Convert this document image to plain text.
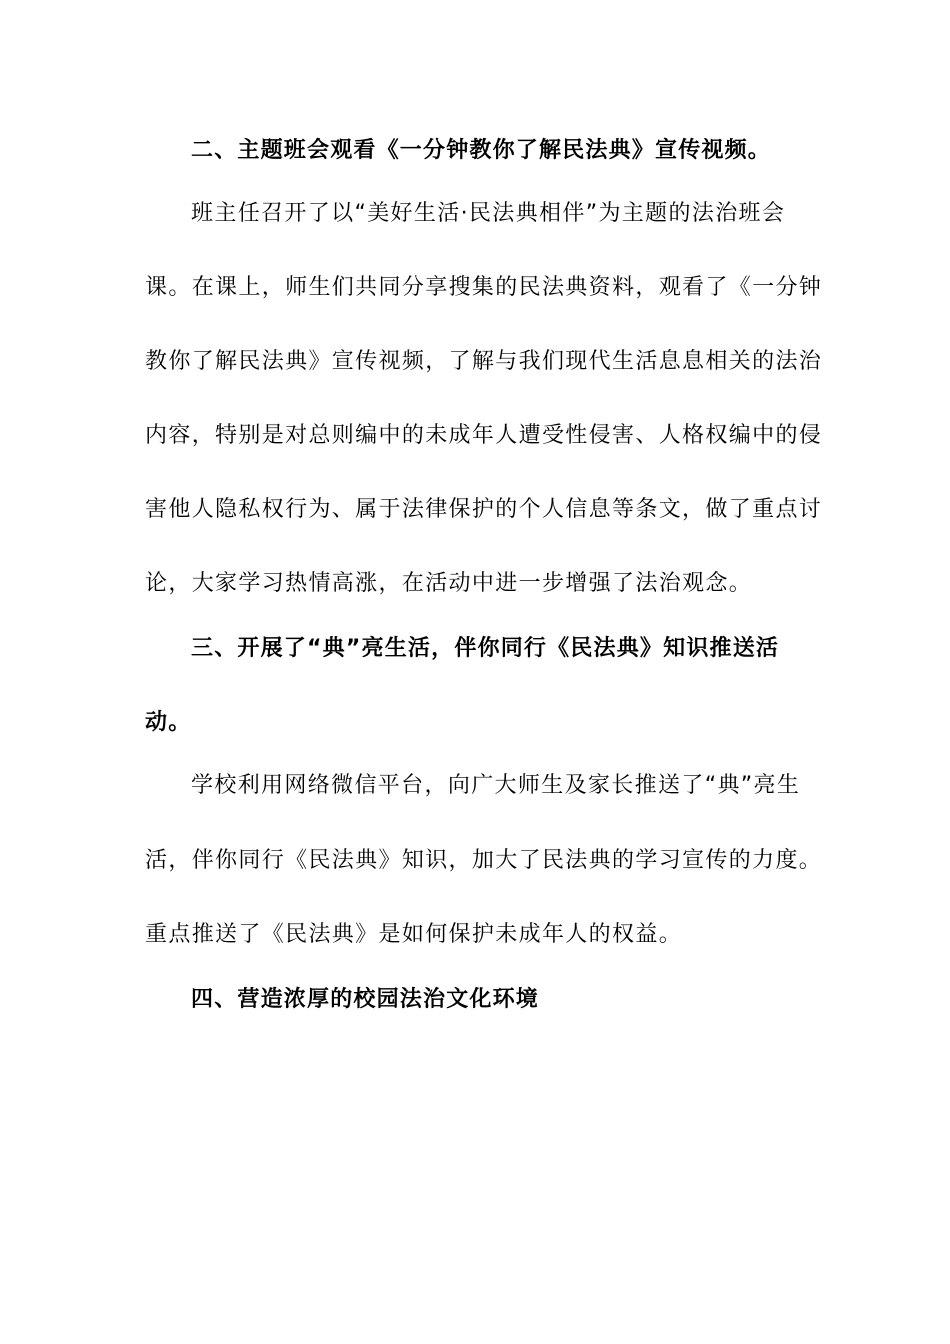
二、主题班会观看《一分钟教你了解民法典》宣传视频。
班主任召开了以“美好生活·民法典相伴”为主题的法治班会
课。在课上，师生们共同分享搜集的民法典资料，观看了《一分钟
教你了解民法典》宣传视频，了解与我们现代生活息息相关的法治
内容，特别是对总则编中的未成年人遭受性侵害、人格权编中的侵
害他人隐私权行为、属于法律保护的个人信息等条文，做了重点讨
论，大家学习热情高涨，在活动中进一步增强了法治观念。
三、开展了“典”亮生活，伴你同行《民法典》知识推送活
动。
学校利用网络微信平台，向广大师生及家长推送了“典”亮生
活，伴你同行《民法典》知识，加大了民法典的学习宣传的力度。
重点推送了《民法典》是如何保护未成年人的权益。
四、营造浓厚的校园法治文化环境
